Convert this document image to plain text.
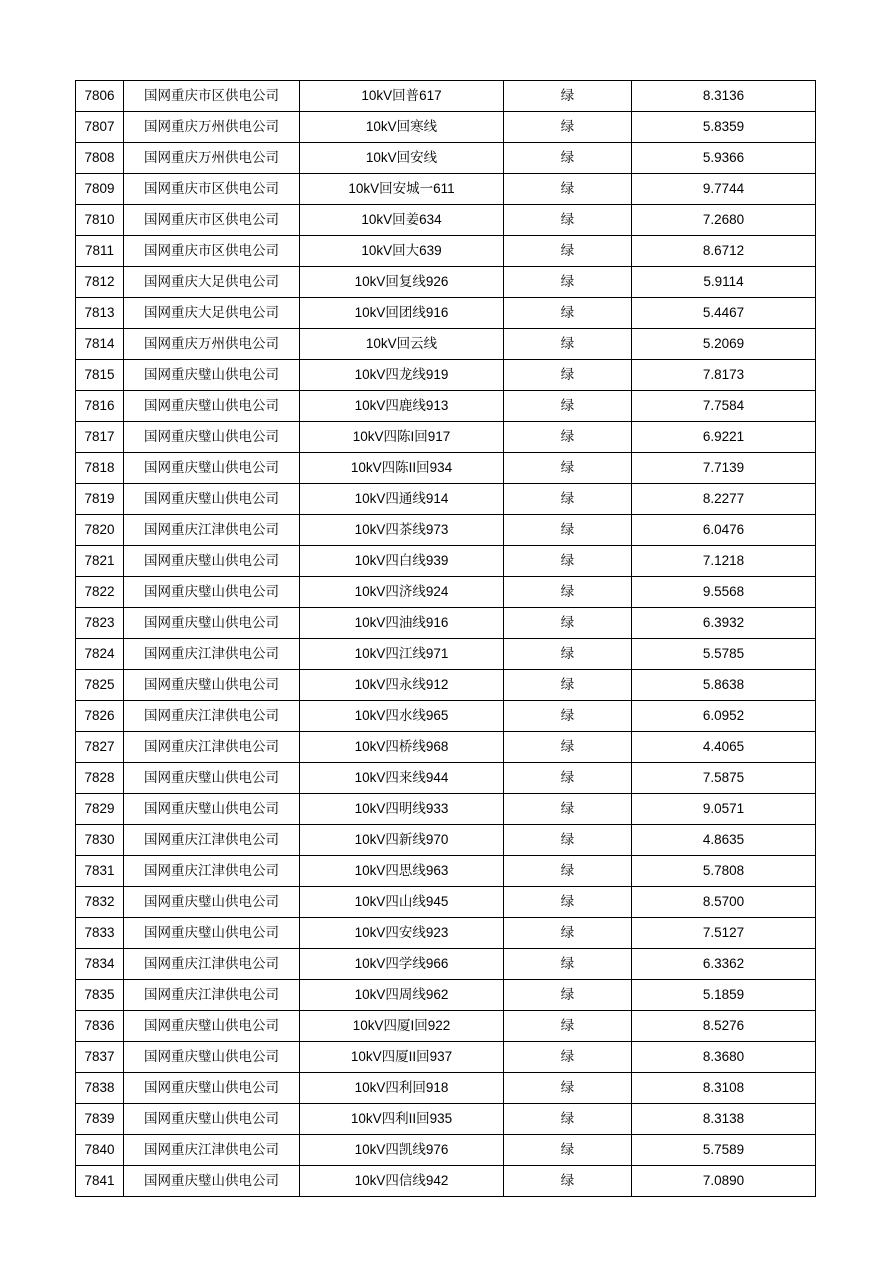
7806	国网重庆市区供电公司	10kV回普617	绿	8.3136
7807	国网重庆万州供电公司	10kV回寒线	绿	5.8359
7808	国网重庆万州供电公司	10kV回安线	绿	5.9366
7809	国网重庆市区供电公司	10kV回安城一611	绿	9.7744
7810	国网重庆市区供电公司	10kV回姜634	绿	7.2680
7811	国网重庆市区供电公司	10kV回大639	绿	8.6712
7812	国网重庆大足供电公司	10kV回复线926	绿	5.9114
7813	国网重庆大足供电公司	10kV回团线916	绿	5.4467
7814	国网重庆万州供电公司	10kV回云线	绿	5.2069
7815	国网重庆璧山供电公司	10kV四龙线919	绿	7.8173
7816	国网重庆璧山供电公司	10kV四鹿线913	绿	7.7584
7817	国网重庆璧山供电公司	10kV四陈I回917	绿	6.9221
7818	国网重庆璧山供电公司	10kV四陈II回934	绿	7.7139
7819	国网重庆璧山供电公司	10kV四通线914	绿	8.2277
7820	国网重庆江津供电公司	10kV四茶线973	绿	6.0476
7821	国网重庆璧山供电公司	10kV四白线939	绿	7.1218
7822	国网重庆璧山供电公司	10kV四济线924	绿	9.5568
7823	国网重庆璧山供电公司	10kV四油线916	绿	6.3932
7824	国网重庆江津供电公司	10kV四江线971	绿	5.5785
7825	国网重庆璧山供电公司	10kV四永线912	绿	5.8638
7826	国网重庆江津供电公司	10kV四水线965	绿	6.0952
7827	国网重庆江津供电公司	10kV四桥线968	绿	4.4065
7828	国网重庆璧山供电公司	10kV四来线944	绿	7.5875
7829	国网重庆璧山供电公司	10kV四明线933	绿	9.0571
7830	国网重庆江津供电公司	10kV四新线970	绿	4.8635
7831	国网重庆江津供电公司	10kV四思线963	绿	5.7808
7832	国网重庆璧山供电公司	10kV四山线945	绿	8.5700
7833	国网重庆璧山供电公司	10kV四安线923	绿	7.5127
7834	国网重庆江津供电公司	10kV四学线966	绿	6.3362
7835	国网重庆江津供电公司	10kV四周线962	绿	5.1859
7836	国网重庆璧山供电公司	10kV四厦I回922	绿	8.5276
7837	国网重庆璧山供电公司	10kV四厦II回937	绿	8.3680
7838	国网重庆璧山供电公司	10kV四利回918	绿	8.3108
7839	国网重庆璧山供电公司	10kV四利II回935	绿	8.3138
7840	国网重庆江津供电公司	10kV四凯线976	绿	5.7589
7841	国网重庆璧山供电公司	10kV四信线942	绿	7.0890
